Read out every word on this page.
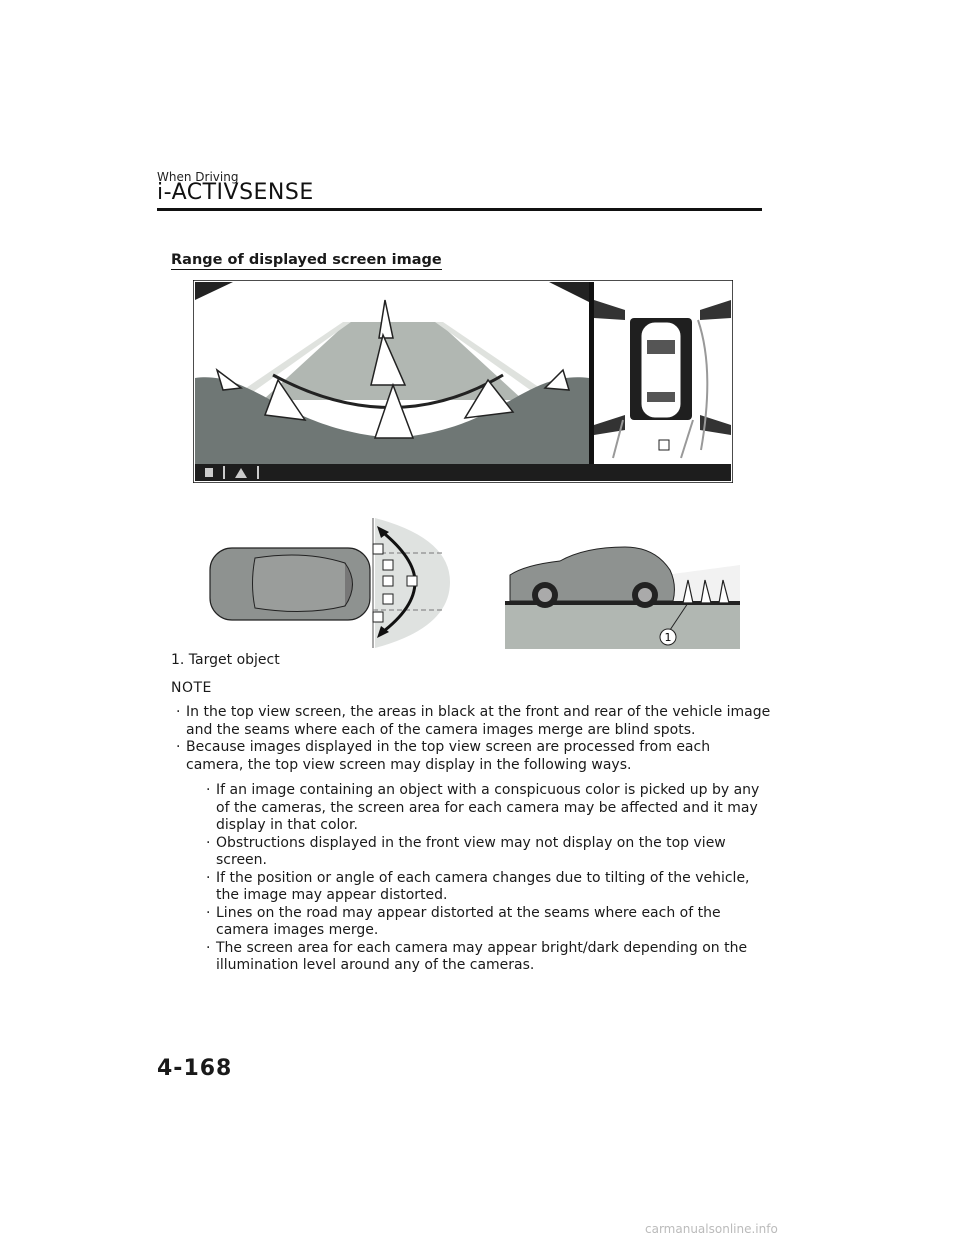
When Driving
i-ACTIVSENSE
Range of displayed screen image
1
1. Target object
NOTE
· In the top view screen, the areas in black at the front and rear of the vehicle image and the seams where each of the camera images merge are blind spots.
· Because images displayed in the top view screen are processed from each camera, the top view screen may display in the following ways.
· If an image containing an object with a conspicuous color is picked up by any of the cameras, the screen area for each camera may be affected and it may display in that color.
· Obstructions displayed in the front view may not display on the top view screen.
· If the position or angle of each camera changes due to tilting of the vehicle, the image may appear distorted.
· Lines on the road may appear distorted at the seams where each of the camera images merge.
· The screen area for each camera may appear bright/dark depending on the illumination level around any of the cameras.
4-168
carmanualsonline.info
